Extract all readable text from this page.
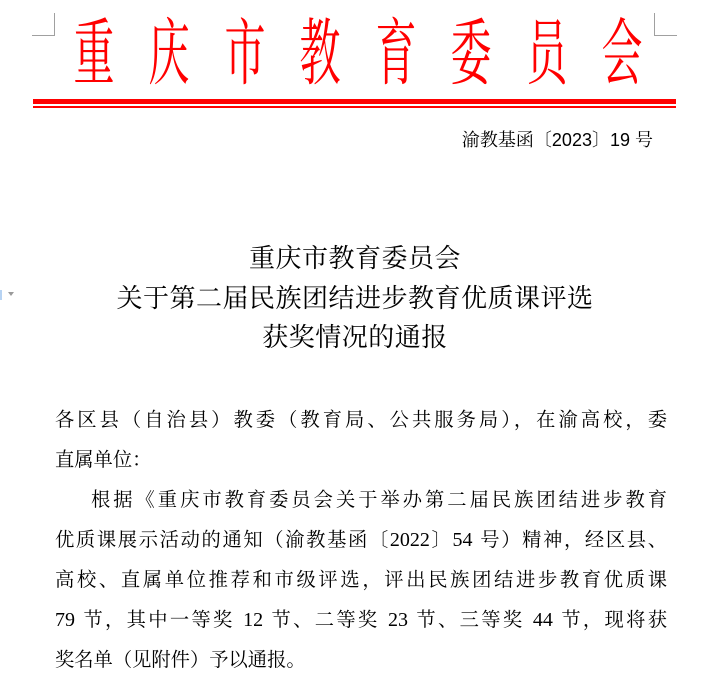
重 庆 市 教 育 委 员 会
渝教基函〔2023〕19 号
重庆市教育委员会
关于第二届民族团结进步教育优质课评选
获奖情况的通报
各区县（自治县）教委（教育局、公共服务局），在渝高校，委
直属单位：
根据《重庆市教育委员会关于举办第二届民族团结进步教育
优质课展示活动的通知（渝教基函〔2022〕54 号）精神，经区县、
高校、直属单位推荐和市级评选，评出民族团结进步教育优质课
79 节，其中一等奖 12 节、二等奖 23 节、三等奖 44 节，现将获
奖名单（见附件）予以通报。
